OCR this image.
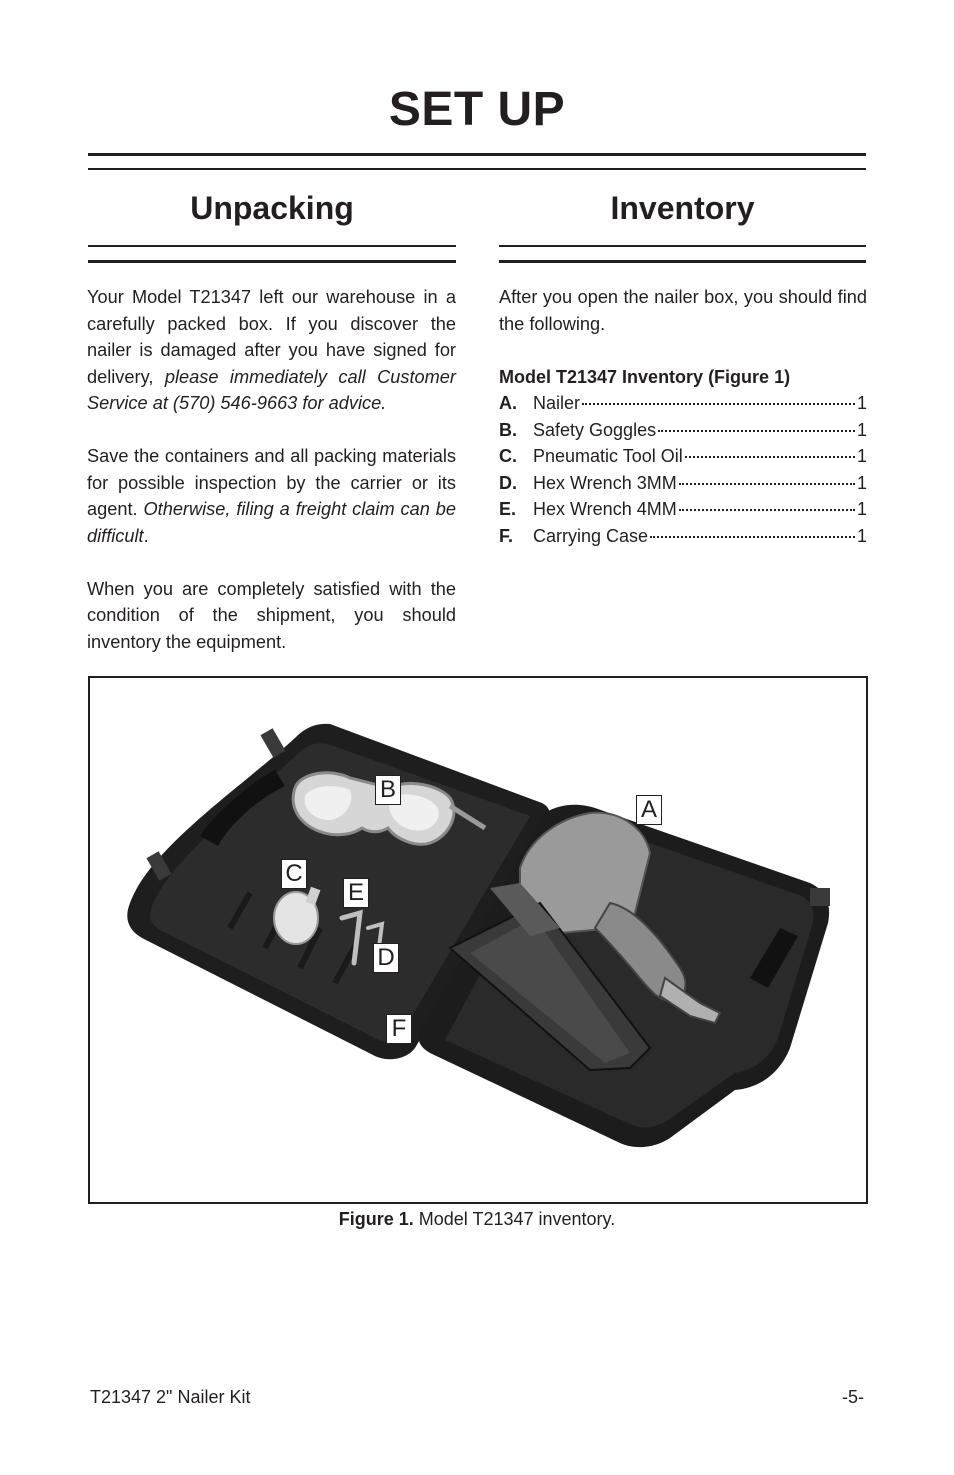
SET UP
Unpacking	Inventory

Your Model T21347 left our warehouse in a carefully packed box. If you discover the nailer is damaged after you have signed for delivery, please immediately call Customer Service at (570) 546-9663 for advice.

Save the containers and all packing materials for possible inspection by the carrier or its agent. Otherwise, filing a freight claim can be difficult.

When you are completely satisfied with the condition of the shipment, you should inventory the equipment.

After you open the nailer box, you should find the following.

Model T21347 Inventory (Figure 1)
A. Nailer	1
B. Safety Goggles	1
C. Pneumatic Tool Oil	1
D. Hex Wrench 3MM	1
E. Hex Wrench 4MM	1
F.	Carrying Case	1
A
B
C
E
D
F

Figure 1. Model T21347 inventory.

T21347 2" Nailer Kit	-5-
